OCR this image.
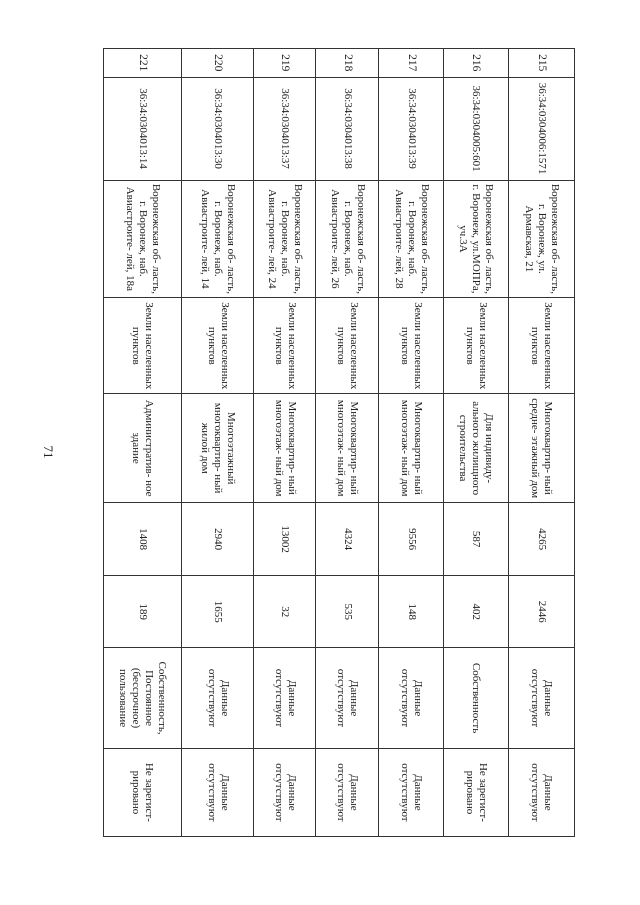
71
215	36:34:0304006:1571	Воронежская об- ласть, г. Воронеж, ул. Армавская, 21	Земли населенных пунктов	Многоквартир- ный средне- этажный дом	4265	2446	Данные отсутствуют	Данные отсутствуют
216	36:34:0304005:601	Воронежская об- ласть, г. Воронеж, ул.МОПРа, уч.3А	Земли населенных пунктов	Для индивиду- ального жилищного строительства	587	402	Собственность	Не зарегист- рировано
217	36:34:0304013:39	Воронежская об- ласть, г. Воронеж, наб. Авиастроите- лей, 28	Земли населенных пунктов	Многоквартир- ный многоэтаж- ный дом	9556	148	Данные отсутствуют	Данные отсутствуют
218	36:34:0304013:38	Воронежская об- ласть, г. Воронеж, наб. Авиастроите- лей, 26	Земли населенных пунктов	Многоквартир- ный многоэтаж- ный дом	4324	535	Данные отсутствуют	Данные отсутствуют
219	36:34:0304013:37	Воронежская об- ласть, г. Воронеж, наб. Авиастроите- лей, 24	Земли населенных пунктов	Многоквартир- ный многоэтаж- ный дом	13002	32	Данные отсутствуют	Данные отсутствуют
220	36:34:0304013:30	Воронежская об- ласть, г. Воронеж, наб. Авиастроите- лей, 14	Земли населенных пунктов	Многоэтажный многоквартир- ный жилой дом	2940	1655	Данные отсутствуют	Данные отсутствуют
221	36:34:0304013:14	Воронежская об- ласть, г. Воронеж, наб. Авиастроите- лей, 18а	Земли населенных пунктов	Административ- ное здание	1408	189	Собственность, Постоянное (бессрочное) пользование	Не зарегист- рировано
